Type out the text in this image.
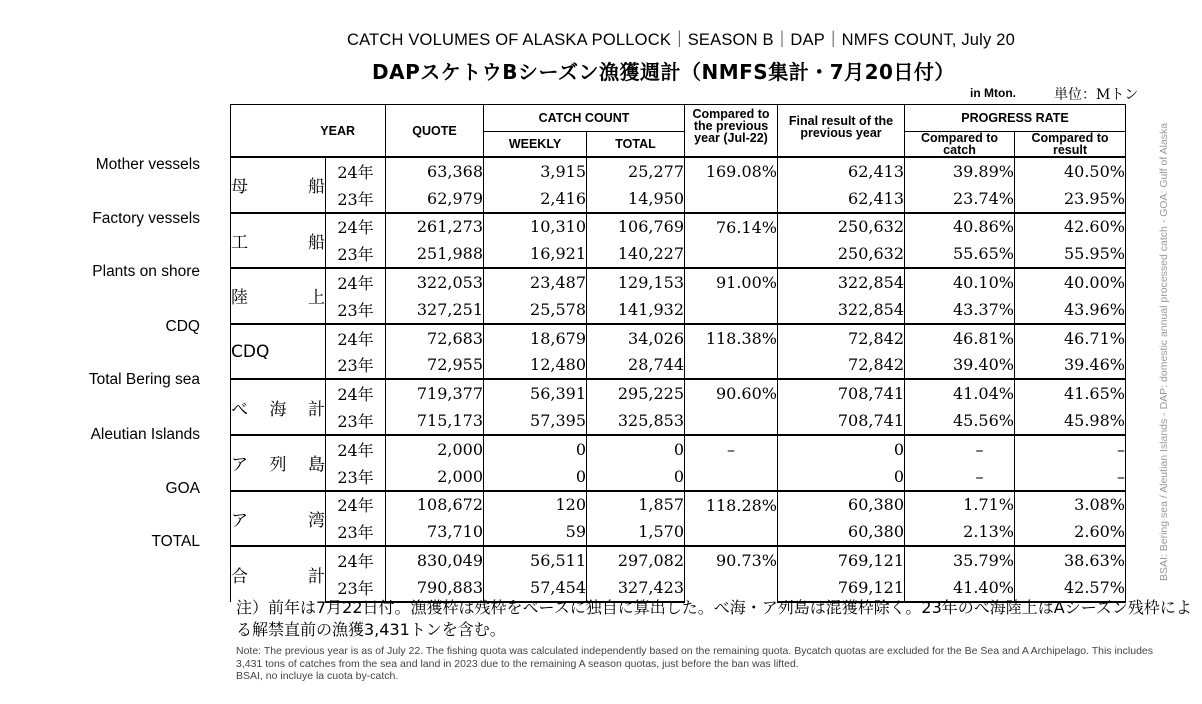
CATCH VOLUMES OF ALASKA POLLOCK｜SEASON B｜DAP｜NMFS COUNT, July 20
DAPスケトウBシーズン漁獲週計（NMFS集計・7月20日付）
in Mton.	単位：Mトン
Mother vessels
Factory vessels
Plants on shore
CDQ
Total Bering sea
Aleutian Islands
GOA
TOTAL
YEAR		QUOTE	CATCH COUNT		Compared to the previous year (Jul-22)	Final result of the previous year	PROGRESS RATE	
			WEEKLY	TOTAL			Compared to catch	Compared to result
母船	24年	63,368	3,915	25,277	169.08%	62,413	39.89%	40.50%
	23年	62,979	2,416	14,950		62,413	23.74%	23.95%
工船	24年	261,273	10,310	106,769	76.14%	250,632	40.86%	42.60%
	23年	251,988	16,921	140,227		250,632	55.65%	55.95%
陸上	24年	322,053	23,487	129,153	91.00%	322,854	40.10%	40.00%
	23年	327,251	25,578	141,932		322,854	43.37%	43.96%
CDQ	24年	72,683	18,679	34,026	118.38%	72,842	46.81%	46.71%
	23年	72,955	12,480	28,744		72,842	39.40%	39.46%
べ海計	24年	719,377	56,391	295,225	90.60%	708,741	41.04%	41.65%
	23年	715,173	57,395	325,853		708,741	45.56%	45.98%
ア列島	24年	2,000	0	0	–	0	–	–
	23年	2,000	0	0		0	–	–
ア湾	24年	108,672	120	1,857	118.28%	60,380	1.71%	3.08%
	23年	73,710	59	1,570		60,380	2.13%	2.60%
合計	24年	830,049	56,511	297,082	90.73%	769,121	35.79%	38.63%
	23年	790,883	57,454	327,423		769,121	41.40%	42.57%
注）前年は7月22日付。漁獲枠は残枠をベースに独自に算出した。べ海・ア列島は混獲枠除く。23年のべ海陸上はAシーズン残枠による解禁直前の漁獲3,431トンを含む。
Note: The previous year is as of July 22. The fishing quota was calculated independently based on the remaining quota. Bycatch quotas are excluded for the Be Sea and A Archipelago. This includes 3,431 tons of catches from the sea and land in 2023 due to the remaining A season quotas, just before the ban was lifted.
BSAI, no incluye la cuota by-catch.
BSAI: Bering sea / Aleutian Islands - DAP: domestic annual processed catch - GOA: Gulf of Alaska
